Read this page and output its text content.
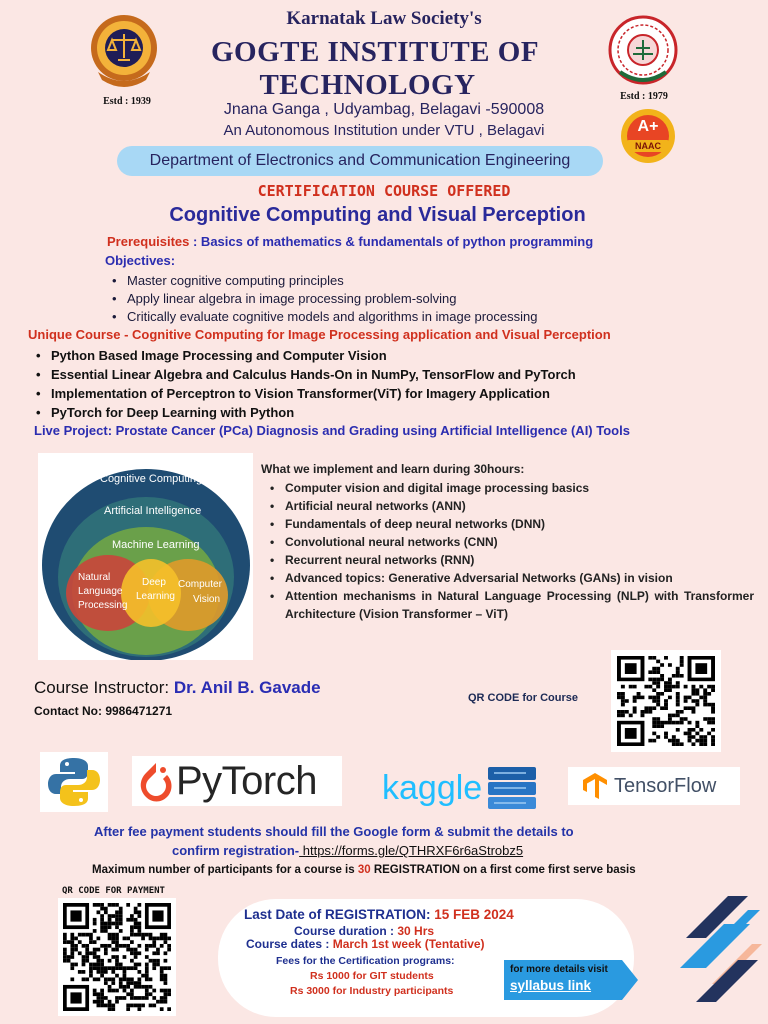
Estd : 1939
Karnatak Law Society's
GOGTE INSTITUTE OF
TECHNOLOGY
Jnana Ganga , Udyambag, Belagavi -590008
An Autonomous Institution under VTU , Belagavi
Estd : 1979
A+
NAAC
Department of Electronics and Communication Engineering
CERTIFICATION COURSE OFFERED
Cognitive Computing and Visual Perception
Prerequisites : Basics of mathematics & fundamentals of python programming
Objectives:
• Master cognitive computing principles
• Apply linear algebra in image processing problem-solving
• Critically evaluate cognitive models and algorithms in image processing
Unique Course - Cognitive Computing for Image Processing application and Visual Perception
• Python Based Image Processing and Computer Vision
• Essential Linear Algebra and Calculus Hands-On in NumPy, TensorFlow and PyTorch
• Implementation of Perceptron to Vision Transformer(ViT) for Imagery Application
• PyTorch for Deep Learning with Python
Live Project: Prostate Cancer (PCa) Diagnosis and Grading using Artificial Intelligence (AI) Tools
Cognitive Computing
Artificial Intelligence
Machine Learning
Natural
Language
Processing
Deep
Learning
Computer
Vision
What we implement and learn during 30hours:
• Computer vision and digital image processing basics
• Artificial neural networks (ANN)
• Fundamentals of deep neural networks (DNN)
• Convolutional neural networks (CNN)
• Recurrent neural networks (RNN)
• Advanced topics: Generative Adversarial Networks (GANs) in vision
• Attention mechanisms in Natural Language Processing (NLP) with Transformer Architecture (Vision Transformer – ViT)
Course Instructor: Dr. Anil B. Gavade
Contact No: 9986471271
QR CODE for Course
PyTorch kaggle	TensorFlow
After fee payment students should fill the Google form & submit the details to
confirm registration- https://forms.gle/QTHRXF6r6aStrobz5
Maximum number of participants for a course is 30 REGISTRATION on a first come first serve basis
QR CODE FOR PAYMENT
Last Date of REGISTRATION: 15 FEB 2024
Course duration : 30 Hrs
Course dates : March 1st week (Tentative)
Fees for the Certification programs:
Rs 1000 for GIT students
Rs 3000 for Industry participants
for more details visit
syllabus link
